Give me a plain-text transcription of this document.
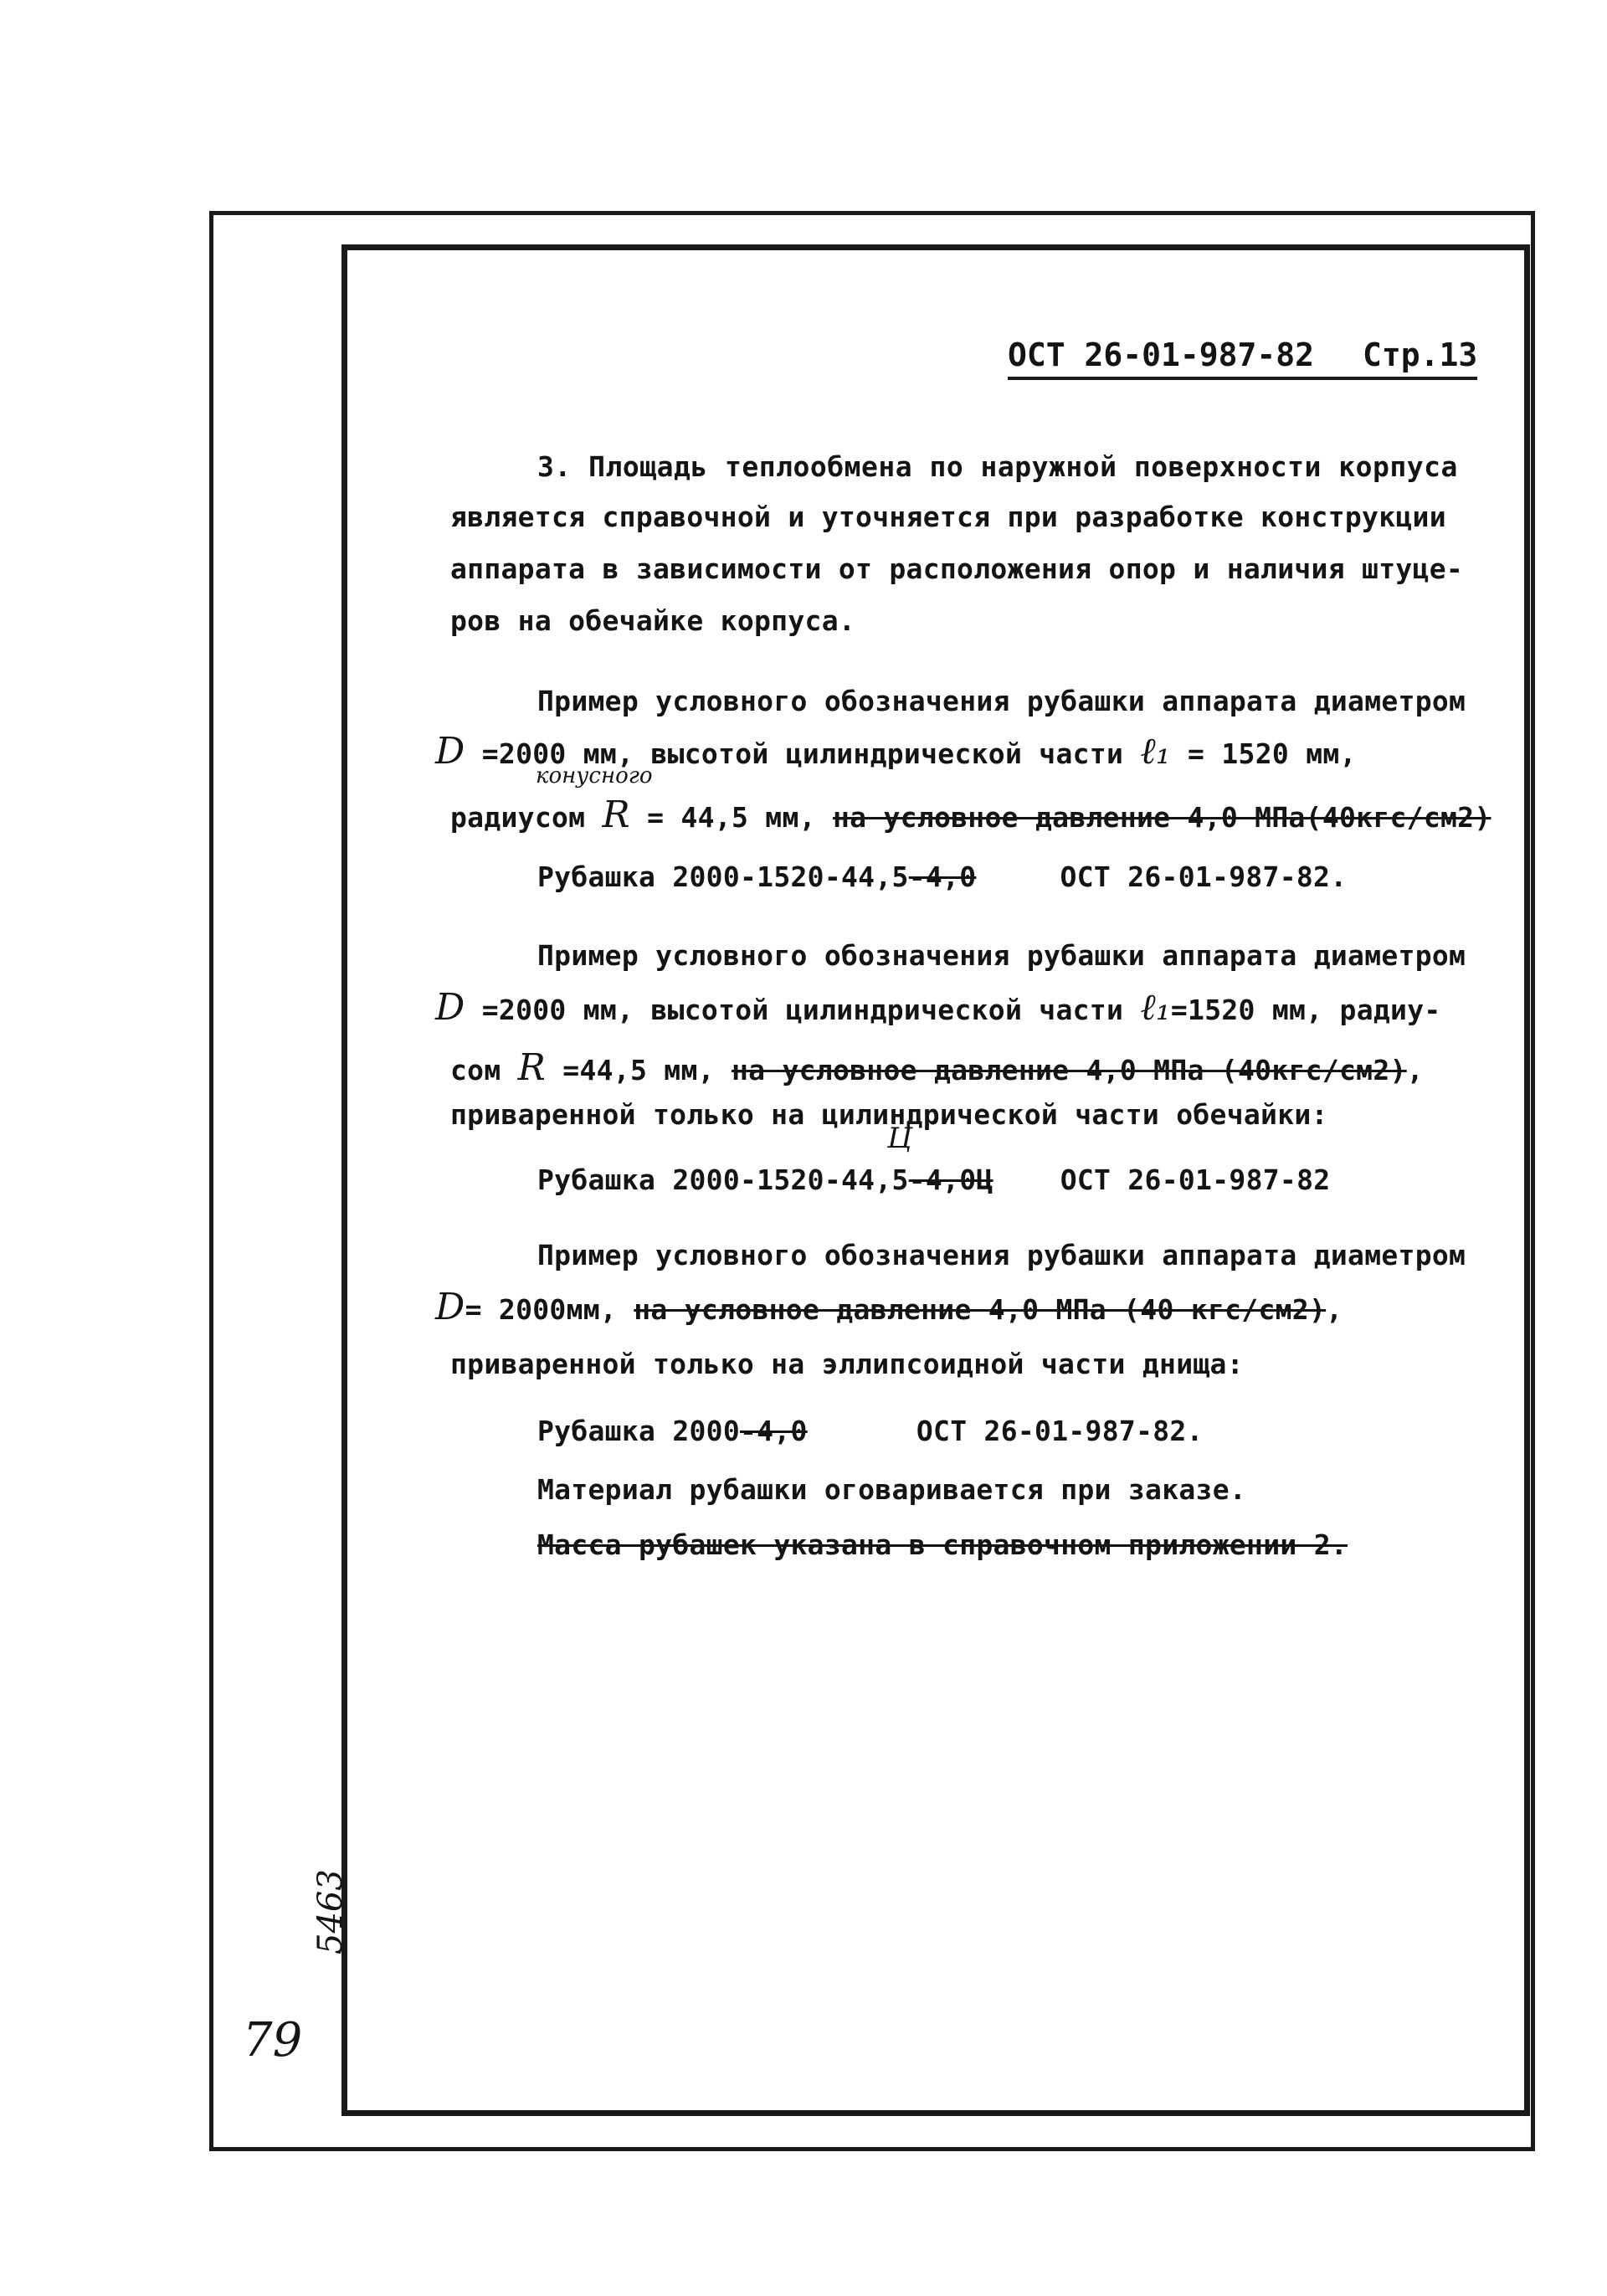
ОСТ 26-01-987-82 Стр.13
3. Площадь теплообмена по наружной поверхности корпуса
является справочной и уточняется при разработке конструкции
аппарата в зависимости от расположения опор и наличия штуце-
ров на обечайке корпуса.
Пример условного обозначения рубашки аппарата диаметром
D =2000 мм, высотой цилиндрической части ℓ₁ = 1520 мм,
конусного
радиусом R = 44,5 мм, на условное давление 4,0 МПа(40кгс/см2)
Рубашка 2000-1520-44,5-4,0	ОСТ 26-01-987-82.
Пример условного обозначения рубашки аппарата диаметром
D =2000 мм, высотой цилиндрической части ℓ₁=1520 мм, радиу-
сом R =44,5 мм, на условное давление 4,0 МПа (40кгс/см2),
приваренной только на цилиндрической части обечайки:
Ц
Рубашка 2000-1520-44,5-4,0Ц ОСТ 26-01-987-82
Пример условного обозначения рубашки аппарата диаметром
D= 2000мм, на условное давление 4,0 МПа (40 кгс/см2),
приваренной только на эллипсоидной части днища:
Рубашка 2000-4,0	ОСТ 26-01-987-82.
Материал рубашки оговаривается при заказе.
Масса рубашек указана в справочном приложении 2.
5463
79
